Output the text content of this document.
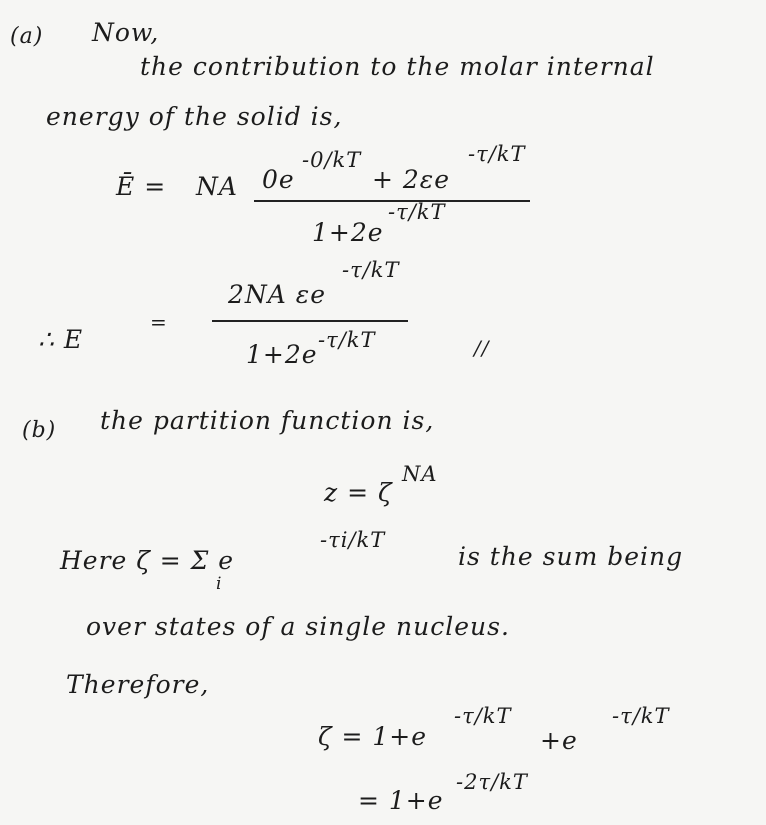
(a) Now,
the contribution to the molar internal
energy of the solid is,
Ē = NA 0e
-0/kT
+ 2εe
-τ/kT
1+2e
-τ/kT
2NA εe
-τ/kT
∴ E
=
1+2e -τ/kT	//
(b) the partition function is,
z = ζ
NA
Here ζ = Σ e
-τi/kT
i
is the sum being
over states of a single nucleus.
Therefore,
ζ = 1+e
-τ/kT
+e
-τ/kT
= 1+e
-2τ/kT
